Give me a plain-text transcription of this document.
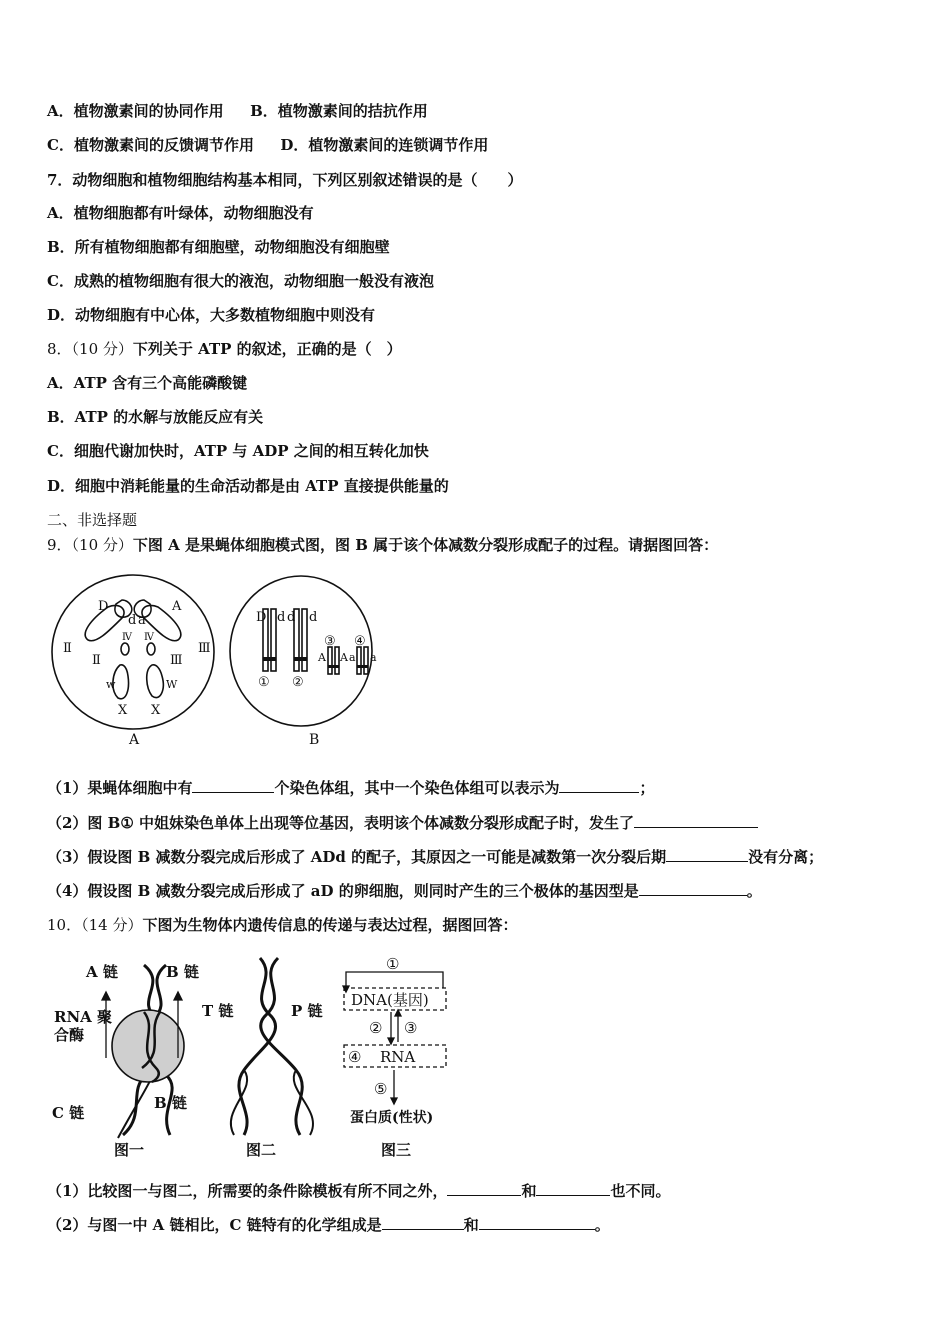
A．植物激素间的协同作用 B．植物激素间的拮抗作用
C．植物激素间的反馈调节作用 D．植物激素间的连锁调节作用
7．动物细胞和植物细胞结构基本相同，下列区别叙述错误的是（　　）
A．植物细胞都有叶绿体，动物细胞没有
B．所有植物细胞都有细胞壁，动物细胞没有细胞壁
C．成熟的植物细胞有很大的液泡，动物细胞一般没有液泡
D．动物细胞有中心体，大多数植物细胞中则没有
8．（10 分）下列关于 ATP 的叙述，正确的是（　）
A．ATP 含有三个高能磷酸键
B．ATP 的水解与放能反应有关
C．细胞代谢加快时，ATP 与 ADP 之间的相互转化加快
D．细胞中消耗能量的生命活动都是由 ATP 直接提供能量的
二、非选择题
9．（10 分）下图 A 是果蝇体细胞模式图，图 B 属于该个体减数分裂形成配子的过程。请据图回答：
D	A
d a
Ⅱ
Ⅱ	Ⅲ
Ⅲ
Ⅳ Ⅳ
w	W
X X
A
D d d d
① ②
③ ④
A A a a
B
（1）果蝇体细胞中有	个染色体组，其中一个染色体组可以表示为	；
（2）图 B① 中姐妹染色单体上出现等位基因，表明该个体减数分裂形成配子时，发生了
（3）假设图 B 减数分裂完成后形成了 ADd 的配子，其原因之一可能是减数第一次分裂后期	没有分离；
（4）假设图 B 减数分裂完成后形成了 aD 的卵细胞，则同时产生的三个极体的基因型是	。
10．（14 分）下图为生物体内遗传信息的传递与表达过程，据图回答：
A 链	B 链
RNA 聚
合酶
C 链
B 链
图一
T 链	P 链
图二
①
DNA(基因)
② ③
④ RNA
⑤
蛋白质(性状)
图三
（1）比较图一与图二，所需要的条件除模板有所不同之外，	和	也不同。
（2）与图一中 A 链相比，C 链特有的化学组成是	和	。
